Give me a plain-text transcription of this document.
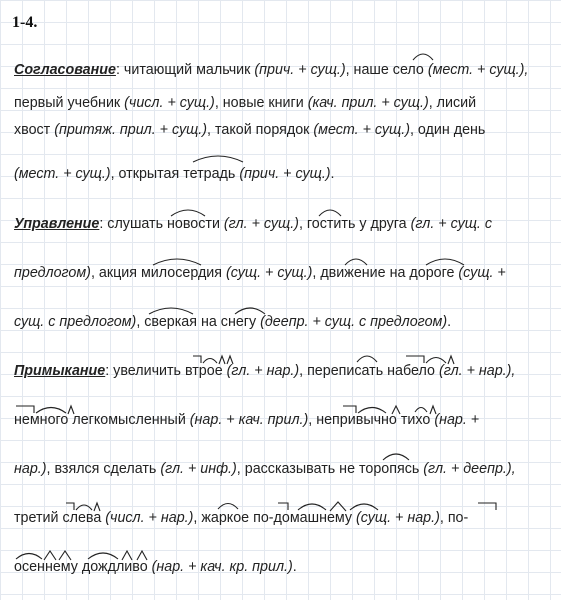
1-4.
Согласование: читающий мальчик (прич. + сущ.), наше село (мест. + сущ.),
первый учебник (числ. + сущ.), новые книги (кач. прил. + сущ.), лисий
хвост (притяж. прил. + сущ.), такой порядок (мест. + сущ.), один день
(мест. + сущ.), открытая тетрадь (прич. + сущ.).
Управление: слушать новости (гл. + сущ.), гостить у друга (гл. + сущ. с
предлогом), акция милосердия (сущ. + сущ.), движение на дороге (сущ. +
сущ. с предлогом), сверкая на снегу (деепр. + сущ. с предлогом).
Примыкание: увеличить втрое (гл. + нар.), переписать набело (гл. + нар.),
немного легкомысленный (нар. + кач. прил.), непривычно тихо (нар. +
нар.), взялся сделать (гл. + инф.), рассказывать не торопясь (гл. + деепр.),
третий слева (числ. + нар.), жаркое по-домашнему (сущ. + нар.), по-
осеннему дождливо (нар. + кач. кр. прил.).
